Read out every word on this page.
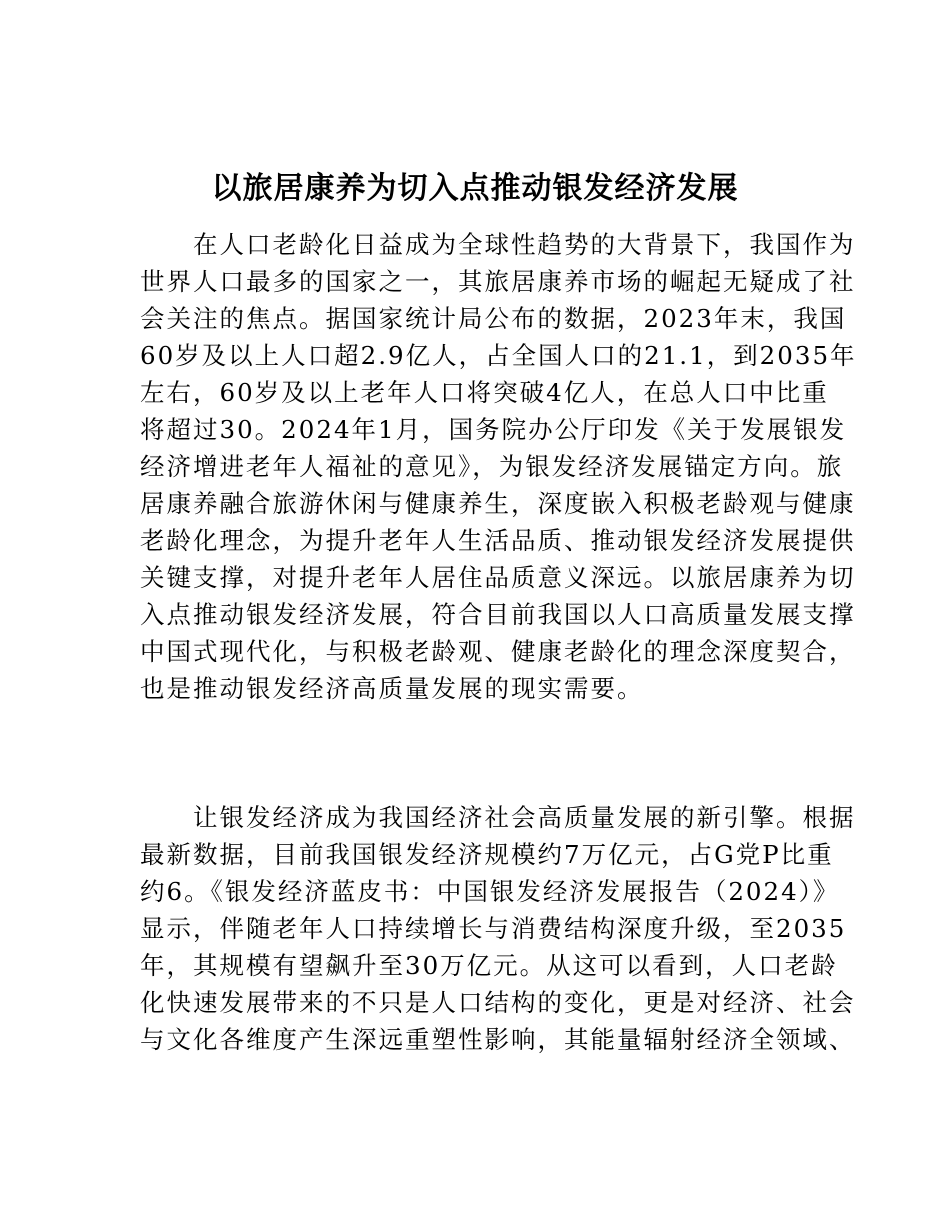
以旅居康养为切入点推动银发经济发展
　　在人口老龄化日益成为全球性趋势的大背景下，我国作为
世界人口最多的国家之一，其旅居康养市场的崛起无疑成了社
会关注的焦点。据国家统计局公布的数据，2023年末，我国
60岁及以上人口超2.9亿人，占全国人口的21.1，到2035年
左右，60岁及以上老年人口将突破4亿人，在总人口中比重
将超过30。2024年1月，国务院办公厅印发《关于发展银发
经济增进老年人福祉的意见》，为银发经济发展锚定方向。旅
居康养融合旅游休闲与健康养生，深度嵌入积极老龄观与健康
老龄化理念，为提升老年人生活品质、推动银发经济发展提供
关键支撑，对提升老年人居住品质意义深远。以旅居康养为切
入点推动银发经济发展，符合目前我国以人口高质量发展支撑
中国式现代化，与积极老龄观、健康老龄化的理念深度契合，
也是推动银发经济高质量发展的现实需要。
　　让银发经济成为我国经济社会高质量发展的新引擎。根据
最新数据，目前我国银发经济规模约7万亿元，占G党P比重
约6。《银发经济蓝皮书：中国银发经济发展报告（2024）》
显示，伴随老年人口持续增长与消费结构深度升级，至2035
年，其规模有望飙升至30万亿元。从这可以看到，人口老龄
化快速发展带来的不只是人口结构的变化，更是对经济、社会
与文化各维度产生深远重塑性影响，其能量辐射经济全领域、
